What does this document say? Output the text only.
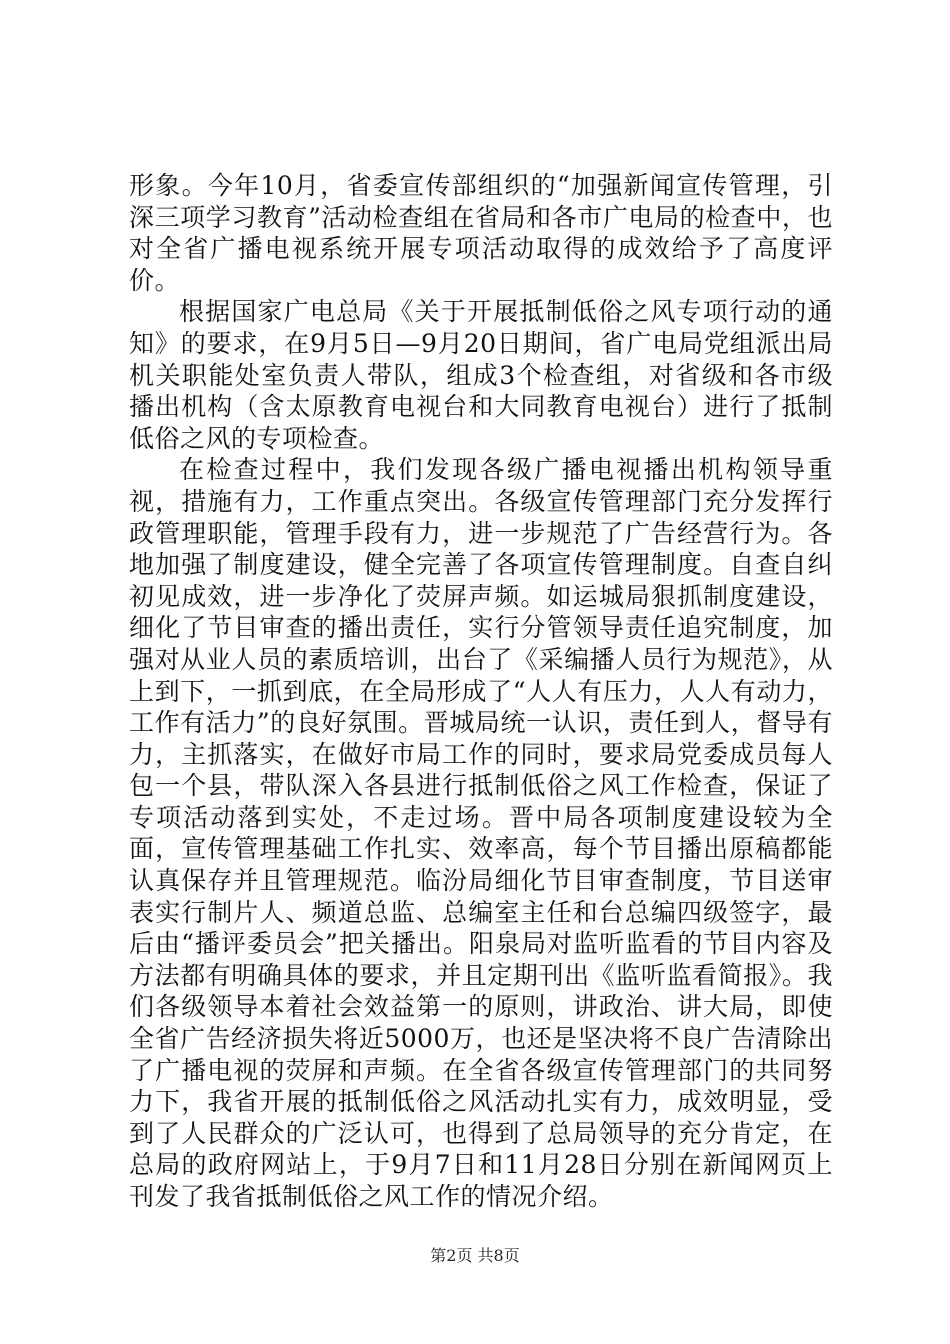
形象。今年10月，省委宣传部组织的“加强新闻宣传管理，引深三项学习教育”活动检查组在省局和各市广电局的检查中，也对全省广播电视系统开展专项活动取得的成效给予了高度评价。

根据国家广电总局《关于开展抵制低俗之风专项行动的通知》的要求，在9月5日—9月20日期间，省广电局党组派出局机关职能处室负责人带队，组成3个检查组，对省级和各市级播出机构（含太原教育电视台和大同教育电视台）进行了抵制低俗之风的专项检查。

在检查过程中，我们发现各级广播电视播出机构领导重视，措施有力，工作重点突出。各级宣传管理部门充分发挥行政管理职能，管理手段有力，进一步规范了广告经营行为。各地加强了制度建设，健全完善了各项宣传管理制度。自查自纠初见成效，进一步净化了荧屏声频。如运城局狠抓制度建设，细化了节目审查的播出责任，实行分管领导责任追究制度，加强对从业人员的素质培训，出台了《采编播人员行为规范》，从上到下，一抓到底，在全局形成了“人人有压力，人人有动力，工作有活力”的良好氛围。晋城局统一认识，责任到人，督导有力，主抓落实，在做好市局工作的同时，要求局党委成员每人包一个县，带队深入各县进行抵制低俗之风工作检查，保证了专项活动落到实处，不走过场。晋中局各项制度建设较为全面，宣传管理基础工作扎实、效率高，每个节目播出原稿都能认真保存并且管理规范。临汾局细化节目审查制度，节目送审表实行制片人、频道总监、总编室主任和台总编四级签字，最后由“播评委员会”把关播出。阳泉局对监听监看的节目内容及方法都有明确具体的要求，并且定期刊出《监听监看简报》。我们各级领导本着社会效益第一的原则，讲政治、讲大局，即使全省广告经济损失将近5000万，也还是坚决将不良广告清除出了广播电视的荧屏和声频。在全省各级宣传管理部门的共同努力下，我省开展的抵制低俗之风活动扎实有力，成效明显，受到了人民群众的广泛认可，也得到了总局领导的充分肯定，在总局的政府网站上，于9月7日和11月28日分别在新闻网页上刊发了我省抵制低俗之风工作的情况介绍。

第2页 共8页
